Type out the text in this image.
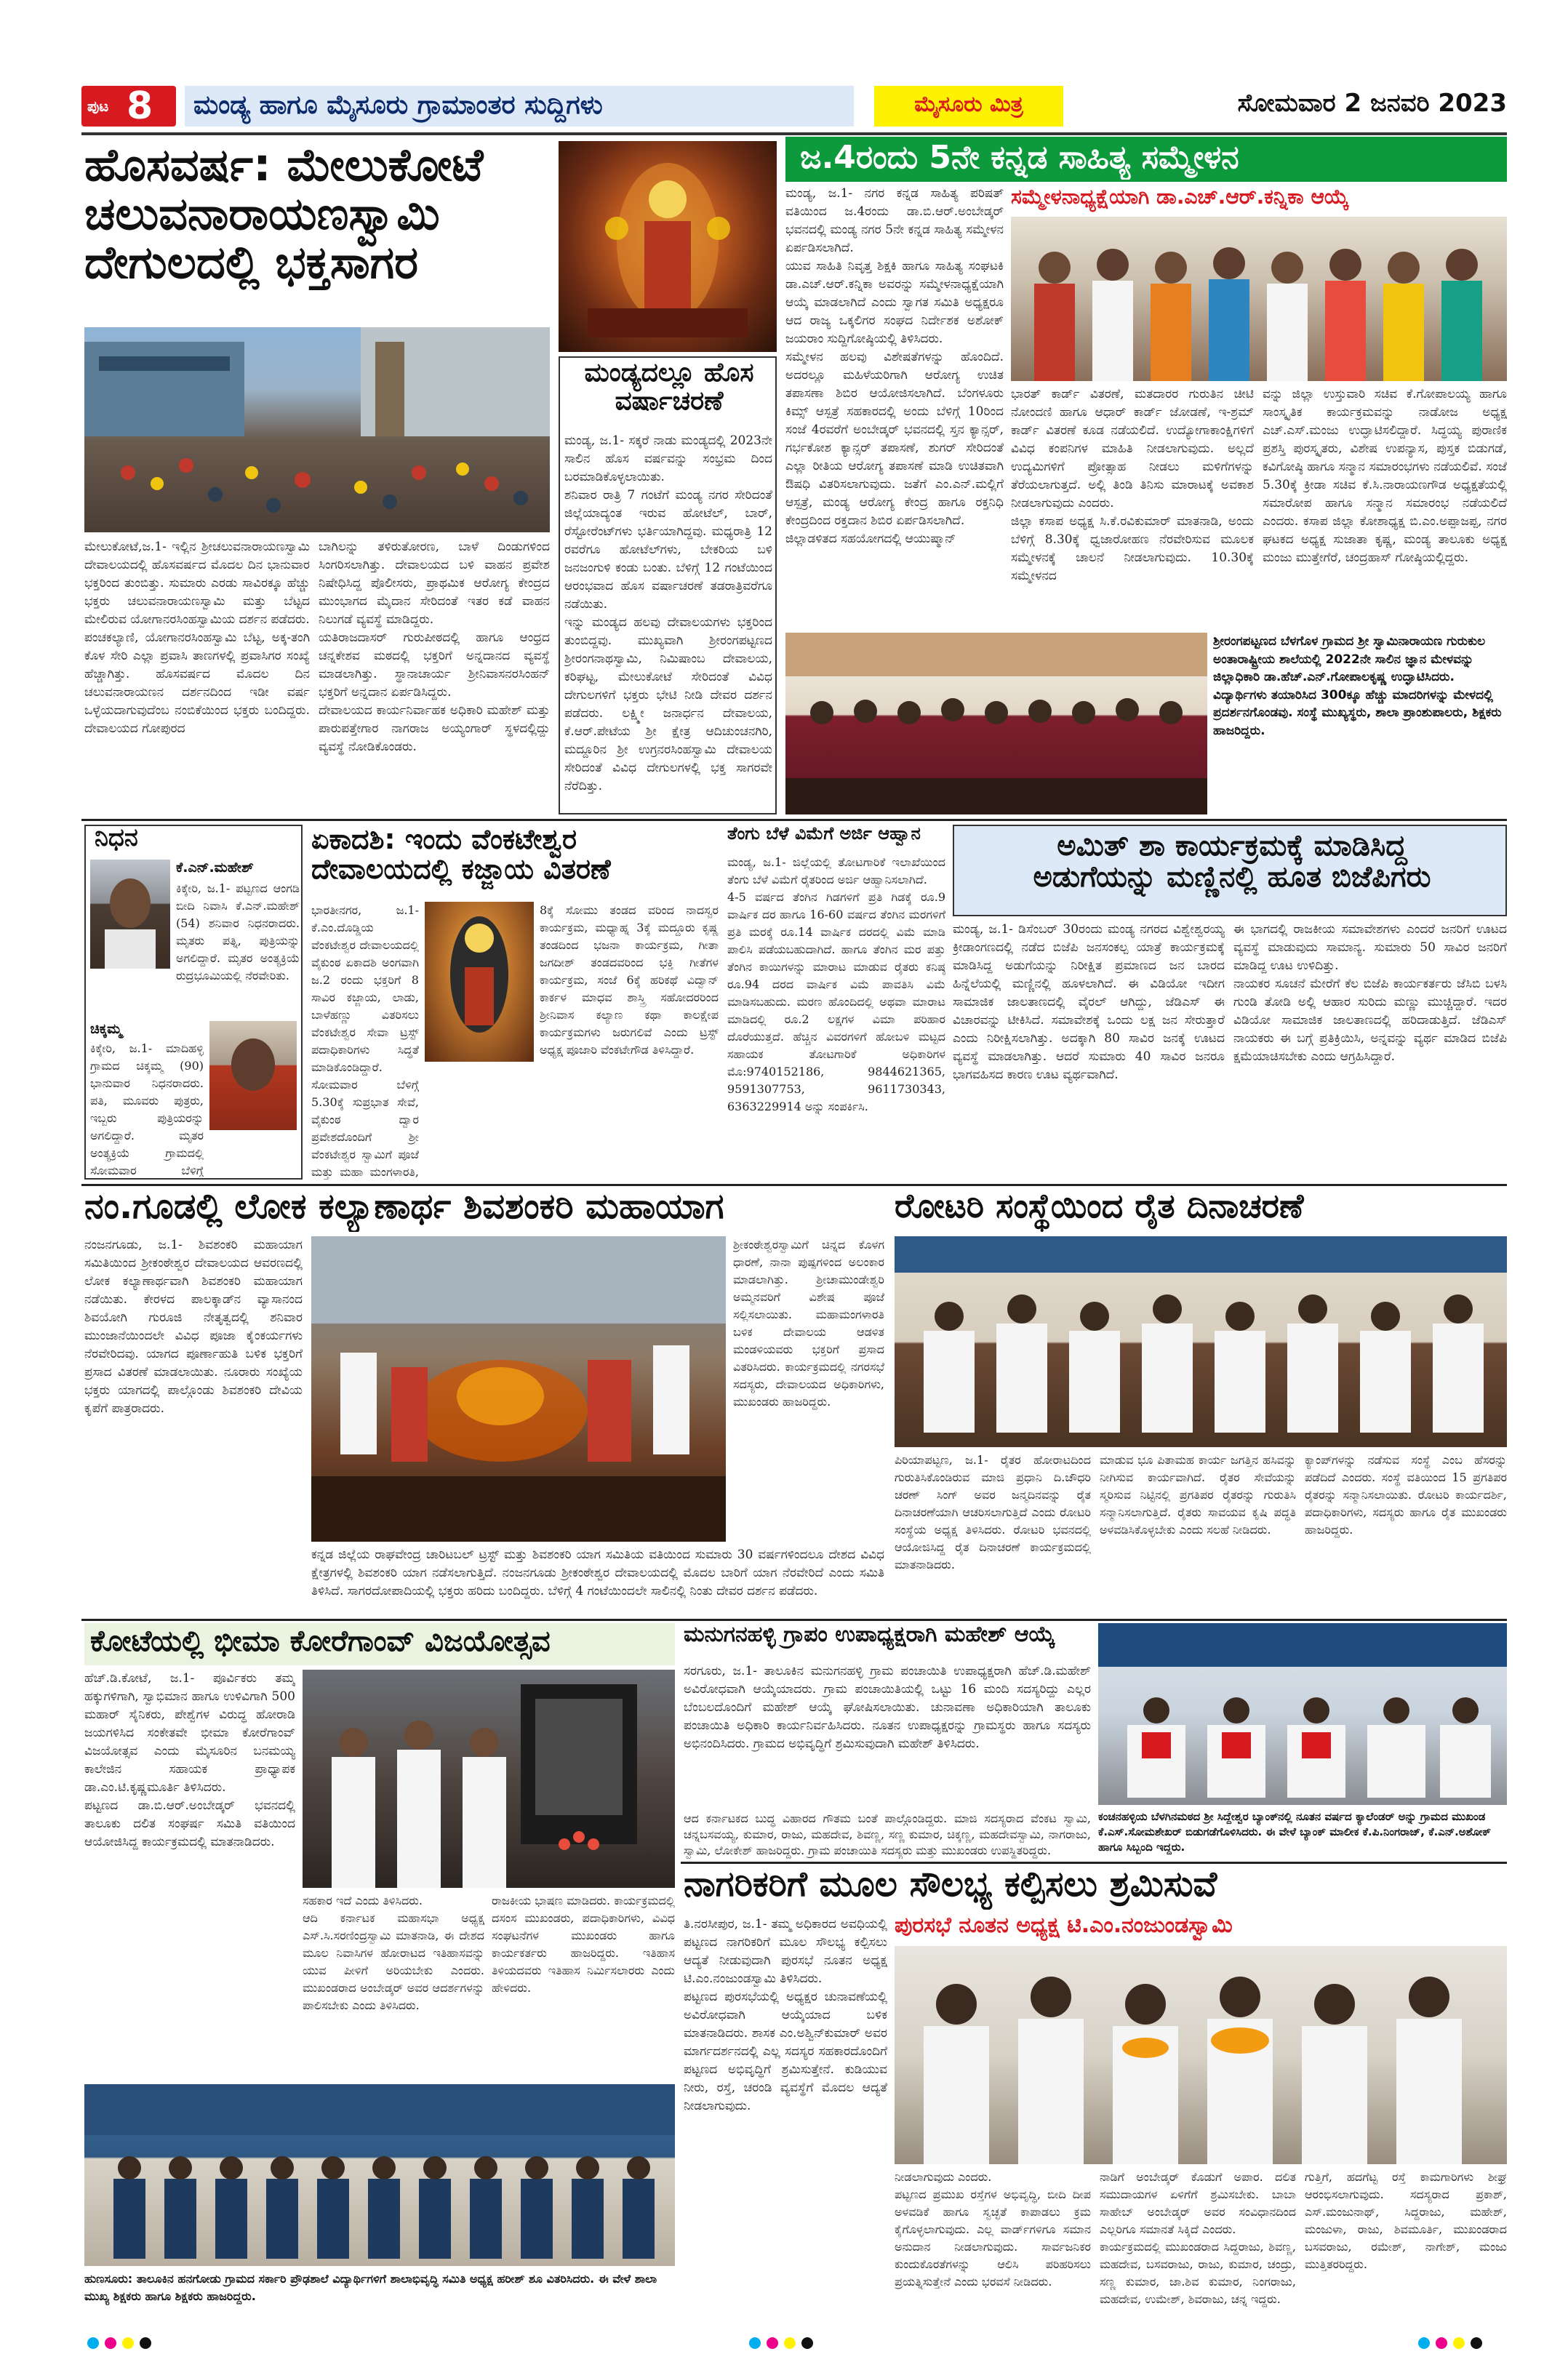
ಪುಟ 8	ಮಂಡ್ಯ ಹಾಗೂ ಮೈಸೂರು ಗ್ರಾಮಾಂತರ ಸುದ್ದಿಗಳು	ಮೈಸೂರು ಮಿತ್ರ	ಸೋಮವಾರ 2 ಜನವರಿ 2023
ಹೊಸವರ್ಷ: ಮೇಲುಕೋಟೆ
ಚಲುವನಾರಾಯಣಸ್ವಾಮಿ
ದೇಗುಲದಲ್ಲಿ ಭಕ್ತಸಾಗರ
ಮೇಲುಕೋಟೆ,ಜ.1- ಇಲ್ಲಿನ ಶ್ರೀಚಲುವನಾರಾಯಣಸ್ವಾಮಿ ದೇವಾಲಯದಲ್ಲಿ ಹೊಸವರ್ಷದ ಮೊದಲ ದಿನ ಭಾನುವಾರ ಭಕ್ತರಿಂದ ತುಂಬಿತ್ತು. ಸುಮಾರು ಎರಡು ಸಾವಿರಕ್ಕೂ ಹೆಚ್ಚು ಭಕ್ತರು ಚಲುವನಾರಾಯಣಸ್ವಾಮಿ ಮತ್ತು ಬೆಟ್ಟದ ಮೇಲಿರುವ ಯೋಗಾನರಸಿಂಹಸ್ವಾಮಿಯ ದರ್ಶನ ಪಡೆದರು.
ಪಂಚಕಲ್ಯಾಣಿ, ಯೋಗಾನರಸಿಂಹಸ್ವಾಮಿ ಬೆಟ್ಟ, ಅಕ್ಕ-ತಂಗಿ ಕೊಳ ಸೇರಿ ಎಲ್ಲಾ ಪ್ರವಾಸಿ ತಾಣಗಳಲ್ಲಿ ಪ್ರವಾಸಿಗರ ಸಂಖ್ಯೆ ಹೆಚ್ಚಾಗಿತ್ತು. ಹೊಸವರ್ಷದ ಮೊದಲ ದಿನ ಚಲುವನಾರಾಯಣನ ದರ್ಶನದಿಂದ ಇಡೀ ವರ್ಷ ಒಳ್ಳೆಯದಾಗುವುದೆಂಬ ನಂಬಿಕೆಯಿಂದ ಭಕ್ತರು ಬಂದಿದ್ದರು. ದೇವಾಲಯದ ಗೋಪುರದ
ಬಾಗಿಲನ್ನು ತಳಿರುತೋರಣ, ಬಾಳೆ ದಿಂಡುಗಳಿಂದ ಸಿಂಗರಿಸಲಾಗಿತ್ತು. ದೇವಾಲಯದ ಬಳಿ ವಾಹನ ಪ್ರವೇಶ ನಿಷೇಧಿಸಿದ್ದ ಪೊಲೀಸರು, ಪ್ರಾಥಮಿಕ ಆರೋಗ್ಯ ಕೇಂದ್ರದ ಮುಂಭಾಗದ ಮೈದಾನ ಸೇರಿದಂತೆ ಇತರ ಕಡೆ ವಾಹನ ನಿಲುಗಡೆ ವ್ಯವಸ್ಥೆ ಮಾಡಿದ್ದರು.
ಯತಿರಾಜದಾಸರ್ ಗುರುಪೀಠದಲ್ಲಿ ಹಾಗೂ ಆಂಧ್ರದ ಚನ್ನಕೇಶವ ಮಠದಲ್ಲಿ ಭಕ್ತರಿಗೆ ಅನ್ನದಾನದ ವ್ಯವಸ್ಥೆ ಮಾಡಲಾಗಿತ್ತು. ಸ್ಥಾನಾಚಾರ್ಯ ಶ್ರೀನಿವಾಸನರಸಿಂಹನ್ ಭಕ್ತರಿಗೆ ಅನ್ನದಾನ ಏರ್ಪಡಿಸಿದ್ದರು.
ದೇವಾಲಯದ ಕಾರ್ಯನಿರ್ವಾಹಕ ಅಧಿಕಾರಿ ಮಹೇಶ್ ಮತ್ತು ಪಾರುಪತ್ತೇಗಾರ ನಾಗರಾಜ ಅಯ್ಯಂಗಾರ್ ಸ್ಥಳದಲ್ಲಿದ್ದು ವ್ಯವಸ್ಥೆ ನೋಡಿಕೊಂಡರು.
ಮಂಡ್ಯದಲ್ಲೂ ಹೊಸ
ವರ್ಷಾಚರಣೆ
ಮಂಡ್ಯ, ಜ.1- ಸಕ್ಕರೆ ನಾಡು ಮಂಡ್ಯದಲ್ಲಿ 2023ನೇ ಸಾಲಿನ ಹೊಸ ವರ್ಷವನ್ನು ಸಂಭ್ರಮ ದಿಂದ ಬರಮಾಡಿಕೊಳ್ಳಲಾಯಿತು.
ಶನಿವಾರ ರಾತ್ರಿ 7 ಗಂಟೆಗೆ ಮಂಡ್ಯ ನಗರ ಸೇರಿದಂತೆ ಜಿಲ್ಲೆಯಾದ್ಯಂತ ಇರುವ ಹೋಟೆಲ್, ಬಾರ್, ರೆಸ್ಟೋರೆಂಟ್‍ಗಳು ಭರ್ತಿಯಾಗಿದ್ದವು. ಮಧ್ಯರಾತ್ರಿ 12 ರವರೆಗೂ ಹೋಟೆಲ್‍ಗಳು, ಬೇಕರಿಯ ಬಳಿ ಜನಜಂಗುಳಿ ಕಂಡು ಬಂತು. ಬೆಳಿಗ್ಗೆ 12 ಗಂಟೆಯಿಂದ ಆರಂಭವಾದ ಹೊಸ ವರ್ಷಾಚರಣೆ ತಡರಾತ್ರಿವರೆಗೂ ನಡೆಯಿತು.
ಇನ್ನು ಮಂಡ್ಯದ ಹಲವು ದೇವಾಲಯಗಳು ಭಕ್ತರಿಂದ ತುಂಬಿದ್ದವು. ಮುಖ್ಯವಾಗಿ ಶ್ರೀರಂಗಪಟ್ಟಣದ ಶ್ರೀರಂಗನಾಥಸ್ವಾಮಿ, ನಿಮಿಷಾಂಬ ದೇವಾಲಯ, ಕರಿಘಟ್ಟ, ಮೇಲುಕೋಟೆ ಸೇರಿದಂತೆ ವಿವಿಧ ದೇಗುಲಗಳಿಗೆ ಭಕ್ತರು ಭೇಟಿ ನೀಡಿ ದೇವರ ದರ್ಶನ ಪಡೆದರು. ಲಕ್ಷ್ಮೀ ಜನಾರ್ಧನ ದೇವಾಲಯ, ಕೆ.ಆರ್.ಪೇಟೆಯ ಶ್ರೀ ಕ್ಷೇತ್ರ ಆದಿಚುಂಚನಗಿರಿ, ಮದ್ದೂರಿನ ಶ್ರೀ ಉಗ್ರನರಸಿಂಹಸ್ವಾಮಿ ದೇವಾಲಯ ಸೇರಿದಂತೆ ವಿವಿಧ ದೇಗುಲಗಳಲ್ಲಿ ಭಕ್ತ ಸಾಗರವೇ ನೆರೆದಿತ್ತು.
ಜ.4ರಂದು 5ನೇ ಕನ್ನಡ ಸಾಹಿತ್ಯ ಸಮ್ಮೇಳನ
ಸಮ್ಮೇಳನಾಧ್ಯಕ್ಷೆಯಾಗಿ ಡಾ.ಎಚ್.ಆರ್.ಕನ್ನಿಕಾ ಆಯ್ಕೆ
ಮಂಡ್ಯ, ಜ.1- ನಗರ ಕನ್ನಡ ಸಾಹಿತ್ಯ ಪರಿಷತ್ ವತಿಯಿಂದ ಜ.4ರಂದು ಡಾ.ಬಿ.ಆರ್.ಅಂಬೇಡ್ಕರ್ ಭವನದಲ್ಲಿ ಮಂಡ್ಯ ನಗರ 5ನೇ ಕನ್ನಡ ಸಾಹಿತ್ಯ ಸಮ್ಮೇಳನ ಏರ್ಪಡಿಸಲಾಗಿದೆ.
ಯುವ ಸಾಹಿತಿ ನಿವೃತ್ತ ಶಿಕ್ಷಕಿ ಹಾಗೂ ಸಾಹಿತ್ಯ ಸಂಘಟಕಿ ಡಾ.ಎಚ್.ಆರ್.ಕನ್ನಿಕಾ ಅವರನ್ನು ಸಮ್ಮೇಳನಾಧ್ಯಕ್ಷೆಯಾಗಿ ಆಯ್ಕೆ ಮಾಡಲಾಗಿದೆ ಎಂದು ಸ್ವಾಗತ ಸಮಿತಿ ಅಧ್ಯಕ್ಷರೂ ಆದ ರಾಜ್ಯ ಒಕ್ಕಲಿಗರ ಸಂಘದ ನಿರ್ದೇಶಕ ಅಶೋಕ್ ಜಯರಾಂ ಸುದ್ದಿಗೋಷ್ಠಿಯಲ್ಲಿ ತಿಳಿಸಿದರು.
ಸಮ್ಮೇಳನ ಹಲವು ವಿಶೇಷತೆಗಳನ್ನು ಹೊಂದಿದೆ. ಅದರಲ್ಲೂ ಮಹಿಳೆಯರಿಗಾಗಿ ಆರೋಗ್ಯ ಉಚಿತ ತಪಾಸಣಾ ಶಿಬಿರ ಆಯೋಜಿಸಲಾಗಿದೆ. ಬೆಂಗಳೂರು ಕಿಮ್ಸ್ ಆಸ್ಪತ್ರೆ ಸಹಕಾರದಲ್ಲಿ ಅಂದು ಬೆಳಿಗ್ಗೆ 10ರಿಂದ ಸಂಜೆ 4ರವರೆಗೆ ಅಂಬೇಡ್ಕರ್ ಭವನದಲ್ಲಿ ಸ್ತನ ಕ್ಯಾನ್ಸರ್, ಗರ್ಭಕೋಶ ಕ್ಯಾನ್ಸರ್ ತಪಾಸಣೆ, ಶುಗರ್ ಸೇರಿದಂತೆ ಎಲ್ಲಾ ರೀತಿಯ ಆರೋಗ್ಯ ತಪಾಸಣೆ ಮಾಡಿ ಉಚಿತವಾಗಿ ಔಷಧಿ ವಿತರಿಸಲಾಗುವುದು. ಜತೆಗೆ ಎಂ.ಎನ್.ಮಲ್ಲಿಗೆ ಆಸ್ಪತ್ರೆ, ಮಂಡ್ಯ ಆರೋಗ್ಯ ಕೇಂದ್ರ ಹಾಗೂ ರಕ್ತನಿಧಿ ಕೇಂದ್ರದಿಂದ ರಕ್ತದಾನ ಶಿಬಿರ ಏರ್ಪಡಿಸಲಾಗಿದೆ.
ಜಿಲ್ಲಾಡಳಿತದ ಸಹಯೋಗದಲ್ಲಿ ಆಯುಷ್ಮಾನ್
ಭಾರತ್ ಕಾರ್ಡ್ ವಿತರಣೆ, ಮತದಾರರ ಗುರುತಿನ ಚೀಟಿ ನೋಂದಣಿ ಹಾಗೂ ಆಧಾರ್ ಕಾರ್ಡ್ ಜೋಡಣೆ, ಇ-ಶ್ರಮ್ ಕಾರ್ಡ್ ವಿತರಣೆ ಕೂಡ ನಡೆಯಲಿದೆ. ಉದ್ಯೋಗಾಕಾಂಕ್ಷಿಗಳಿಗೆ ವಿವಿಧ ಕಂಪನಿಗಳ ಮಾಹಿತಿ ನೀಡಲಾಗುವುದು. ಅಲ್ಲದೆ ಉದ್ಯಮಿಗಳಿಗೆ ಪ್ರೋತ್ಸಾಹ ನೀಡಲು ಮಳಿಗೆಗಳನ್ನು ತೆರೆಯಲಾಗುತ್ತದೆ. ಅಲ್ಲಿ ತಿಂಡಿ ತಿನಿಸು ಮಾರಾಟಕ್ಕೆ ಅವಕಾಶ ನೀಡಲಾಗುವುದು ಎಂದರು.
ಜಿಲ್ಲಾ ಕಸಾಪ ಅಧ್ಯಕ್ಷ ಸಿ.ಕೆ.ರವಿಕುಮಾರ್ ಮಾತನಾಡಿ, ಅಂದು ಬೆಳಿಗ್ಗೆ 8.30ಕ್ಕೆ ಧ್ವಜಾರೋಹಣ ನೆರವೇರಿಸುವ ಮೂಲಕ ಸಮ್ಮೇಳನಕ್ಕೆ ಚಾಲನೆ ನೀಡಲಾಗುವುದು. 10.30ಕ್ಕೆ ಸಮ್ಮೇಳನದ
ವನ್ನು ಜಿಲ್ಲಾ ಉಸ್ತುವಾರಿ ಸಚಿವ ಕೆ.ಗೋಪಾಲಯ್ಯ ಹಾಗೂ ಸಾಂಸ್ಕೃತಿಕ ಕಾರ್ಯಕ್ರಮವನ್ನು ನಾಡೋಜ ಅಧ್ಯಕ್ಷ ಎಚ್.ಎಸ್.ಮಂಜು ಉದ್ಘಾಟಿಸಲಿದ್ದಾರೆ. ಸಿದ್ಧಯ್ಯ ಪುರಾಣಿಕ ಪ್ರಶಸ್ತಿ ಪುರಸ್ಕೃತರು, ವಿಶೇಷ ಉಪನ್ಯಾಸ, ಪುಸ್ತಕ ಬಿಡುಗಡೆ, ಕವಿಗೋಷ್ಠಿ ಹಾಗೂ ಸನ್ಮಾನ ಸಮಾರಂಭಗಳು ನಡೆಯಲಿವೆ. ಸಂಜೆ 5.30ಕ್ಕೆ ಕ್ರೀಡಾ ಸಚಿವ ಕೆ.ಸಿ.ನಾರಾಯಣಗೌಡ ಅಧ್ಯಕ್ಷತೆಯಲ್ಲಿ ಸಮಾರೋಪ ಹಾಗೂ ಸನ್ಮಾನ ಸಮಾರಂಭ ನಡೆಯಲಿದೆ ಎಂದರು. ಕಸಾಪ ಜಿಲ್ಲಾ ಕೋಶಾಧ್ಯಕ್ಷ ಬಿ.ಎಂ.ಅಪ್ಪಾಜಪ್ಪ, ನಗರ ಘಟಕದ ಅಧ್ಯಕ್ಷ ಸುಜಾತಾ ಕೃಷ್ಣ, ಮಂಡ್ಯ ತಾಲೂಕು ಅಧ್ಯಕ್ಷ ಮಂಜು ಮುತ್ತೇಗೆರೆ, ಚಂದ್ರಹಾಸ್ ಗೋಷ್ಠಿಯಲ್ಲಿದ್ದರು.
ಶ್ರೀರಂಗಪಟ್ಟಣದ ಬೆಳಗೊಳ ಗ್ರಾಮದ ಶ್ರೀ ಸ್ವಾಮಿನಾರಾಯಣ ಗುರುಕುಲ ಅಂತಾರಾಷ್ಟ್ರೀಯ ಶಾಲೆಯಲ್ಲಿ 2022ನೇ ಸಾಲಿನ ಜ್ಞಾನ ಮೇಳವನ್ನು ಜಿಲ್ಲಾಧಿಕಾರಿ ಡಾ.ಹೆಚ್.ಎನ್.ಗೋಪಾಲಕೃಷ್ಣ ಉದ್ಘಾಟಿಸಿದರು. ವಿದ್ಯಾರ್ಥಿಗಳು ತಯಾರಿಸಿದ 300ಕ್ಕೂ ಹೆಚ್ಚು ಮಾದರಿಗಳನ್ನು ಮೇಳದಲ್ಲಿ ಪ್ರದರ್ಶನಗೊಂಡವು. ಸಂಸ್ಥೆ ಮುಖ್ಯಸ್ಥರು, ಶಾಲಾ ಪ್ರಾಂಶುಪಾಲರು, ಶಿಕ್ಷಕರು ಹಾಜರಿದ್ದರು.
ನಿಧನ
ಕೆ.ಎನ್.ಮಹೇಶ್
ಕಿಕ್ಕೇರಿ, ಜ.1- ಪಟ್ಟಣದ ಆಂಗಡಿ ಬೀದಿ ನಿವಾಸಿ ಕೆ.ಎನ್.ಮಹೇಶ್ (54) ಶನಿವಾರ ನಿಧನರಾದರು. ಮೃತರು ಪತ್ನಿ, ಪುತ್ರಿಯನ್ನು ಅಗಲಿದ್ದಾರೆ. ಮೃತರ ಅಂತ್ಯಕ್ರಿಯೆ ರುದ್ರಭೂಮಿಯಲ್ಲಿ ನೆರವೇರಿತು.
ಚಿಕ್ಕಮ್ಮ
ಕಿಕ್ಕೇರಿ, ಜ.1- ಮಾದಿಹಳ್ಳಿ ಗ್ರಾಮದ ಚಿಕ್ಕಮ್ಮ (90) ಭಾನುವಾರ ನಿಧನರಾದರು. ಪತಿ, ಮೂವರು ಪುತ್ರರು, ಇಬ್ಬರು ಪುತ್ರಿಯರನ್ನು ಅಗಲಿದ್ದಾರೆ. ಮೃತರ ಅಂತ್ಯಕ್ರಿಯೆ ಗ್ರಾಮದಲ್ಲಿ ಸೋಮವಾರ ಬೆಳಿಗ್ಗೆ
ಏಕಾದಶಿ: ಇಂದು ವೆಂಕಟೇಶ್ವರ
ದೇವಾಲಯದಲ್ಲಿ ಕಜ್ಜಾಯ ವಿತರಣೆ
ಭಾರತೀನಗರ, ಜ.1- ಕೆ.ಎಂ.ದೊಡ್ಡಿಯ ವೆಂಕಟೇಶ್ವರ ದೇವಾಲಯದಲ್ಲಿ ವೈಕುಂಠ ಏಕಾದಶಿ ಅಂಗವಾಗಿ ಜ.2 ರಂದು ಭಕ್ತರಿಗೆ 8 ಸಾವಿರ ಕಜ್ಜಾಯ, ಲಾಡು, ಬಾಳೆಹಣ್ಣು ವಿತರಿಸಲು ವೆಂಕಟೇಶ್ವರ ಸೇವಾ ಟ್ರಸ್ಟ್ ಪದಾಧಿಕಾರಿಗಳು ಸಿದ್ಧತೆ ಮಾಡಿಕೊಂಡಿದ್ದಾರೆ. ಸೋಮವಾರ ಬೆಳಿಗ್ಗೆ 5.30ಕ್ಕೆ ಸುಪ್ರಭಾತ ಸೇವೆ, ವೈಕುಂಠ ದ್ವಾರ ಪ್ರವೇಶದೊಂದಿಗೆ ಶ್ರೀ ವೆಂಕಟೇಶ್ವರ ಸ್ವಾಮಿಗೆ ಪೂಜೆ ಮತ್ತು ಮಹಾ ಮಂಗಳಾರತಿ,
8ಕ್ಕೆ ಸೋಮು ತಂಡದ ವರಿಂದ ನಾದಸ್ವರ ಕಾರ್ಯಕ್ರಮ, ಮಧ್ಯಾಹ್ನ 3ಕ್ಕೆ ಮದ್ದೂರು ಕೃಷ್ಣ ತಂಡದಿಂದ ಭಜನಾ ಕಾರ್ಯಕ್ರಮ, ಗೀತಾ ಜಗದೀಶ್ ತಂಡದವರಿಂದ ಭಕ್ತಿ ಗೀತೆಗಳ ಕಾರ್ಯಕ್ರಮ, ಸಂಜೆ 6ಕ್ಕೆ ಹರಿಕಥೆ ವಿದ್ವಾನ್ ಕಾರ್ಕಳ ಮಾಧವ ಶಾಸ್ತ್ರಿ ಸಹೋದರರಿಂದ ಶ್ರೀನಿವಾಸ ಕಲ್ಯಾಣ ಕಥಾ ಕಾಲಕ್ಷೇಪ ಕಾರ್ಯಕ್ರಮಗಳು ಜರುಗಲಿವೆ ಎಂದು ಟ್ರಸ್ಟ್ ಅಧ್ಯಕ್ಷ ಪೂಜಾರಿ ವೆಂಕಟೇಗೌಡ ತಿಳಿಸಿದ್ದಾರೆ.
ತೆಂಗು ಬೆಳೆ ವಿಮೆಗೆ ಅರ್ಜಿ ಆಹ್ವಾನ
ಮಂಡ್ಯ, ಜ.1- ಜಿಲ್ಲೆಯಲ್ಲಿ ತೋಟಗಾರಿಕೆ ಇಲಾಖೆಯಿಂದ ತೆಂಗು ಬೆಳೆ ವಿಮೆಗೆ ರೈತರಿಂದ ಅರ್ಜಿ ಆಹ್ವಾನಿಸಲಾಗಿದೆ.
4-5 ವರ್ಷದ ತೆಂಗಿನ ಗಿಡಗಳಿಗೆ ಪ್ರತಿ ಗಿಡಕ್ಕೆ ರೂ.9 ವಾರ್ಷಿಕ ದರ ಹಾಗೂ 16-60 ವರ್ಷದ ತೆಂಗಿನ ಮರಗಳಿಗೆ ಪ್ರತಿ ಮರಕ್ಕೆ ರೂ.14 ವಾರ್ಷಿಕ ದರದಲ್ಲಿ ವಿಮೆ ಮಾಡಿ ಪಾಲಿಸಿ ಪಡೆಯಬಹುದಾಗಿದೆ. ಹಾಗೂ ತೆಂಗಿನ ಮರ ಪತ್ತು ತೆಂಗಿನ ಕಾಯಿಗಳನ್ನು ಮಾರಾಟ ಮಾಡುವ ರೈತರು ಕನಿಷ್ಠ ರೂ.94 ದರದ ವಾರ್ಷಿಕ ವಿಮೆ ಪಾವತಿಸಿ ವಿಮೆ ಮಾಡಿಸಬಹುದು. ಮರಣ ಹೊಂದಿದಲ್ಲಿ ಅಥವಾ ಮಾರಾಟ ಮಾಡಿದಲ್ಲಿ ರೂ.2 ಲಕ್ಷಗಳ ವಿಮಾ ಪರಿಹಾರ ದೊರೆಯುತ್ತದೆ. ಹೆಚ್ಚಿನ ವಿವರಗಳಿಗೆ ಹೋಬಳಿ ಮಟ್ಟದ ಸಹಾಯಕ ತೋಟಗಾರಿಕೆ ಅಧಿಕಾರಿಗಳ ಮೊ:9740152186, 9844621365, 9591307753, 9611730343, 6363229914 ಅನ್ನು ಸಂಪರ್ಕಿಸಿ.
ಅಮಿತ್ ಶಾ ಕಾರ್ಯಕ್ರಮಕ್ಕೆ ಮಾಡಿಸಿದ್ದ
ಅಡುಗೆಯನ್ನು ಮಣ್ಣಿನಲ್ಲಿ ಹೂತ ಬಿಜೆಪಿಗರು
ಮಂಡ್ಯ, ಜ.1- ಡಿಸೆಂಬರ್ 30ರಂದು ಮಂಡ್ಯ ನಗರದ ವಿಶ್ವೇಶ್ವರಯ್ಯ ಕ್ರೀಡಾಂಗಣದಲ್ಲಿ ನಡೆದ ಬಿಜೆಪಿ ಜನಸಂಕಲ್ಪ ಯಾತ್ರೆ ಕಾರ್ಯಕ್ರಮಕ್ಕೆ ಮಾಡಿಸಿದ್ದ ಅಡುಗೆಯನ್ನು ನಿರೀಕ್ಷಿತ ಪ್ರಮಾಣದ ಜನ ಬಾರದ ಹಿನ್ನೆಲೆಯಲ್ಲಿ ಮಣ್ಣಿನಲ್ಲಿ ಹೂಳಲಾಗಿದೆ. ಈ ವಿಡಿಯೋ ಇದೀಗ ಸಾಮಾಜಿಕ ಜಾಲತಾಣದಲ್ಲಿ ವೈರಲ್ ಆಗಿದ್ದು, ಜೆಡಿಎಸ್ ಈ ವಿಚಾರವನ್ನು ಟೀಕಿಸಿದೆ. ಸಮಾವೇಶಕ್ಕೆ ಒಂದು ಲಕ್ಷ ಜನ ಸೇರುತ್ತಾರೆ ಎಂದು ನಿರೀಕ್ಷಿಸಲಾಗಿತ್ತು. ಅದಕ್ಕಾಗಿ 80 ಸಾವಿರ ಜನಕ್ಕೆ ಊಟದ ವ್ಯವಸ್ಥೆ ಮಾಡಲಾಗಿತ್ತು. ಆದರೆ ಸುಮಾರು 40 ಸಾವಿರ ಜನರೂ ಭಾಗವಹಿಸದ ಕಾರಣ ಊಟ ವ್ಯರ್ಥವಾಗಿದೆ.
ಈ ಭಾಗದಲ್ಲಿ ರಾಜಕೀಯ ಸಮಾವೇಶಗಳು ಎಂದರೆ ಜನರಿಗೆ ಊಟದ ವ್ಯವಸ್ಥೆ ಮಾಡುವುದು ಸಾಮಾನ್ಯ. ಸುಮಾರು 50 ಸಾವಿರ ಜನರಿಗೆ ಮಾಡಿದ್ದ ಊಟ ಉಳಿದಿತ್ತು.
ನಾಯಕರ ಸೂಚನೆ ಮೇರೆಗೆ ಕೆಲ ಬಿಜೆಪಿ ಕಾರ್ಯಕರ್ತರು ಜೆಸಿಬಿ ಬಳಸಿ ಗುಂಡಿ ತೋಡಿ ಅಲ್ಲಿ ಆಹಾರ ಸುರಿದು ಮಣ್ಣು ಮುಚ್ಚಿದ್ದಾರೆ. ಇದರ ವಿಡಿಯೋ ಸಾಮಾಜಿಕ ಜಾಲತಾಣದಲ್ಲಿ ಹರಿದಾಡುತ್ತಿದೆ. ಜೆಡಿಎಸ್ ನಾಯಕರು ಈ ಬಗ್ಗೆ ಪ್ರತಿಕ್ರಿಯಿಸಿ, ಅನ್ನವನ್ನು ವ್ಯರ್ಥ ಮಾಡಿದ ಬಿಜೆಪಿ ಕ್ಷಮೆಯಾಚಿಸಬೇಕು ಎಂದು ಆಗ್ರಹಿಸಿದ್ದಾರೆ.
ನಂ.ಗೂಡಲ್ಲಿ ಲೋಕ ಕಲ್ಯಾಣಾರ್ಥ ಶಿವಶಂಕರಿ ಮಹಾಯಾಗ
ನಂಜನಗೂಡು, ಜ.1- ಶಿವಶಂಕರಿ ಮಹಾಯಾಗ ಸಮಿತಿಯಿಂದ ಶ್ರೀಕಂಠೇಶ್ವರ ದೇವಾಲಯದ ಆವರಣದಲ್ಲಿ ಲೋಕ ಕಲ್ಯಾಣಾರ್ಥವಾಗಿ ಶಿವಶಂಕರಿ ಮಹಾಯಾಗ ನಡೆಯಿತು. ಕೇರಳದ ಪಾಲಕ್ಕಾಡ್‍ನ ವ್ಯಾಸಾನಂದ ಶಿವಯೋಗಿ ಗುರೂಜಿ ನೇತೃತ್ವದಲ್ಲಿ ಶನಿವಾರ ಮುಂಜಾನೆಯಿಂದಲೇ ವಿವಿಧ ಪೂಜಾ ಕೈಂಕರ್ಯಗಳು ನೆರವೇರಿದವು. ಯಾಗದ ಪೂರ್ಣಾಹುತಿ ಬಳಿಕ ಭಕ್ತರಿಗೆ ಪ್ರಸಾದ ವಿತರಣೆ ಮಾಡಲಾಯಿತು. ನೂರಾರು ಸಂಖ್ಯೆಯ ಭಕ್ತರು ಯಾಗದಲ್ಲಿ ಪಾಲ್ಗೊಂಡು ಶಿವಶಂಕರಿ ದೇವಿಯ ಕೃಪೆಗೆ ಪಾತ್ರರಾದರು.
ಶ್ರೀಕಂಠೇಶ್ವರಸ್ವಾಮಿಗೆ ಚಿನ್ನದ ಕೊಳಗ ಧಾರಣೆ, ನಾನಾ ಪುಷ್ಪಗಳಿಂದ ಅಲಂಕಾರ ಮಾಡಲಾಗಿತ್ತು. ಶ್ರೀಚಾಮುಂಡೇಶ್ವರಿ ಅಮ್ಮನವರಿಗೆ ವಿಶೇಷ ಪೂಜೆ ಸಲ್ಲಿಸಲಾಯಿತು. ಮಹಾಮಂಗಳಾರತಿ ಬಳಿಕ ದೇವಾಲಯ ಆಡಳಿತ ಮಂಡಳಿಯವರು ಭಕ್ತರಿಗೆ ಪ್ರಸಾದ ವಿತರಿಸಿದರು. ಕಾರ್ಯಕ್ರಮದಲ್ಲಿ ನಗರಸಭೆ ಸದಸ್ಯರು, ದೇವಾಲಯದ ಅಧಿಕಾರಿಗಳು, ಮುಖಂಡರು ಹಾಜರಿದ್ದರು.
ಕನ್ನಡ ಜಿಲ್ಲೆಯ ರಾಘವೇಂದ್ರ ಚಾರಿಟಬಲ್ ಟ್ರಸ್ಟ್ ಮತ್ತು ಶಿವಶಂಕರಿ ಯಾಗ ಸಮಿತಿಯ ವತಿಯಿಂದ ಸುಮಾರು 30 ವರ್ಷಗಳಿಂದಲೂ ದೇಶದ ವಿವಿಧ ಕ್ಷೇತ್ರಗಳಲ್ಲಿ ಶಿವಶಂಕರಿ ಯಾಗ ನಡೆಸಲಾಗುತ್ತಿದೆ. ನಂಜನಗೂಡು ಶ್ರೀಕಂಠೇಶ್ವರ ದೇವಾಲಯದಲ್ಲಿ ಮೊದಲ ಬಾರಿಗೆ ಯಾಗ ನೆರವೇರಿದೆ ಎಂದು ಸಮಿತಿ ತಿಳಿಸಿದೆ. ಸಾಗರದೋಪಾದಿಯಲ್ಲಿ ಭಕ್ತರು ಹರಿದು ಬಂದಿದ್ದರು. ಬೆಳಿಗ್ಗೆ 4 ಗಂಟೆಯಿಂದಲೇ ಸಾಲಿನಲ್ಲಿ ನಿಂತು ದೇವರ ದರ್ಶನ ಪಡೆದರು.
ರೋಟರಿ ಸಂಸ್ಥೆಯಿಂದ ರೈತ ದಿನಾಚರಣೆ
ಪಿರಿಯಾಪಟ್ಟಣ, ಜ.1- ರೈತರ ಹೋರಾಟದಿಂದ ಗುರುತಿಸಿಕೊಂಡಿರುವ ಮಾಜಿ ಪ್ರಧಾನಿ ದಿ.ಚೌಧರಿ ಚರಣ್ ಸಿಂಗ್ ಅವರ ಜನ್ಮದಿನವನ್ನು ರೈತ ದಿನಾಚರಣೆಯಾಗಿ ಆಚರಿಸಲಾಗುತ್ತಿದೆ ಎಂದು ರೋಟರಿ ಸಂಸ್ಥೆಯ ಅಧ್ಯಕ್ಷ ತಿಳಿಸಿದರು. ರೋಟರಿ ಭವನದಲ್ಲಿ ಆಯೋಜಿಸಿದ್ದ ರೈತ ದಿನಾಚರಣೆ ಕಾರ್ಯಕ್ರಮದಲ್ಲಿ ಮಾತನಾಡಿದರು.
ಮಾಡುವ ಭೂ ಪಿತಾಮಹ ಕಾರ್ಯ ಜಗತ್ತಿನ ಹಸಿವನ್ನು ನೀಗಿಸುವ ಕಾರ್ಯವಾಗಿದೆ. ರೈತರ ಸೇವೆಯನ್ನು ಸ್ಮರಿಸುವ ನಿಟ್ಟಿನಲ್ಲಿ ಪ್ರಗತಿಪರ ರೈತರನ್ನು ಗುರುತಿಸಿ ಸನ್ಮಾನಿಸಲಾಗುತ್ತಿದೆ. ರೈತರು ಸಾವಯವ ಕೃಷಿ ಪದ್ಧತಿ ಅಳವಡಿಸಿಕೊಳ್ಳಬೇಕು ಎಂದು ಸಲಹೆ ನೀಡಿದರು.
ಕ್ಯಾಂಪ್‍ಗಳನ್ನು ನಡೆಸುವ ಸಂಸ್ಥೆ ಎಂಬ ಹೆಸರನ್ನು ಪಡೆದಿದೆ ಎಂದರು. ಸಂಸ್ಥೆ ವತಿಯಿಂದ 15 ಪ್ರಗತಿಪರ ರೈತರನ್ನು ಸನ್ಮಾನಿಸಲಾಯಿತು. ರೋಟರಿ ಕಾರ್ಯದರ್ಶಿ, ಪದಾಧಿಕಾರಿಗಳು, ಸದಸ್ಯರು ಹಾಗೂ ರೈತ ಮುಖಂಡರು ಹಾಜರಿದ್ದರು.
ಕೋಟೆಯಲ್ಲಿ ಭೀಮಾ ಕೋರೆಗಾಂವ್ ವಿಜಯೋತ್ಸವ
ಹೆಚ್.ಡಿ.ಕೋಟೆ, ಜ.1- ಪೂರ್ವಿಕರು ತಮ್ಮ ಹಕ್ಕುಗಳಿಗಾಗಿ, ಸ್ವಾಭಿಮಾನ ಹಾಗೂ ಉಳಿವಿಗಾಗಿ 500 ಮಹಾರ್ ಸೈನಿಕರು, ಪೇಶ್ವೆಗಳ ವಿರುದ್ಧ ಹೋರಾಡಿ ಜಯಗಳಿಸಿದ ಸಂಕೇತವೇ ಭೀಮಾ ಕೋರೆಗಾಂವ್ ವಿಜಯೋತ್ಸವ ಎಂದು ಮೈಸೂರಿನ ಬನಮಯ್ಯ ಕಾಲೇಜಿನ ಸಹಾಯಕ ಪ್ರಾಧ್ಯಾಪಕ ಡಾ.ಎಂ.ಟಿ.ಕೃಷ್ಣಮೂರ್ತಿ ತಿಳಿಸಿದರು.
ಪಟ್ಟಣದ ಡಾ.ಬಿ.ಆರ್.ಅಂಬೇಡ್ಕರ್ ಭವನದಲ್ಲಿ ತಾಲೂಕು ದಲಿತ ಸಂಘರ್ಷ ಸಮಿತಿ ವತಿಯಿಂದ ಆಯೋಜಿಸಿದ್ದ ಕಾರ್ಯಕ್ರಮದಲ್ಲಿ ಮಾತನಾಡಿದರು.
ಸಹಕಾರ ಇದೆ ಎಂದು ತಿಳಿಸಿದರು.
ಆದಿ ಕರ್ನಾಟಕ ಮಹಾಸಭಾ ಅಧ್ಯಕ್ಷ ಎಸ್.ಸಿ.ಸರಣಿಂದ್ರಸ್ವಾಮಿ ಮಾತನಾಡಿ, ಈ ದೇಶದ ಮೂಲ ನಿವಾಸಿಗಳ ಹೋರಾಟದ ಇತಿಹಾಸವನ್ನು ಯುವ ಪೀಳಿಗೆ ಅರಿಯಬೇಕು ಎಂದರು. ಮುಖಂಡರಾದ ಅಂಬೇಡ್ಕರ್ ಅವರ ಆದರ್ಶಗಳನ್ನು ಪಾಲಿಸಬೇಕು ಎಂದು ತಿಳಿಸಿದರು.
ರಾಜಕೀಯ ಭಾಷಣ ಮಾಡಿದರು. ಕಾರ್ಯಕ್ರಮದಲ್ಲಿ ದಸಂಸ ಮುಖಂಡರು, ಪದಾಧಿಕಾರಿಗಳು, ವಿವಿಧ ಸಂಘಟನೆಗಳ ಮುಖಂಡರು ಹಾಗೂ ಕಾರ್ಯಕರ್ತರು ಹಾಜರಿದ್ದರು. ಇತಿಹಾಸ ತಿಳಿಯದವರು ಇತಿಹಾಸ ನಿರ್ಮಿಸಲಾರರು ಎಂದು ಹೇಳಿದರು.
ಹುಣಸೂರು: ತಾಲೂಕಿನ ಹನಗೋಡು ಗ್ರಾಮದ ಸರ್ಕಾರಿ ಪ್ರೌಢಶಾಲೆ ವಿದ್ಯಾರ್ಥಿಗಳಿಗೆ ಶಾಲಾಭಿವೃದ್ಧಿ ಸಮಿತಿ ಅಧ್ಯಕ್ಷ ಹರೀಶ್ ಶೂ ವಿತರಿಸಿದರು. ಈ ವೇಳೆ ಶಾಲಾ ಮುಖ್ಯ ಶಿಕ್ಷಕರು ಹಾಗೂ ಶಿಕ್ಷಕರು ಹಾಜರಿದ್ದರು.
ಮನುಗನಹಳ್ಳಿ ಗ್ರಾಪಂ ಉಪಾಧ್ಯಕ್ಷರಾಗಿ ಮಹೇಶ್ ಆಯ್ಕೆ
ಸರಗೂರು, ಜ.1- ತಾಲೂಕಿನ ಮನುಗನಹಳ್ಳಿ ಗ್ರಾಮ ಪಂಚಾಯಿತಿ ಉಪಾಧ್ಯಕ್ಷರಾಗಿ ಹೆಚ್.ಡಿ.ಮಹೇಶ್ ಅವಿರೋಧವಾಗಿ ಆಯ್ಕೆಯಾದರು. ಗ್ರಾಮ ಪಂಚಾಯಿತಿಯಲ್ಲಿ ಒಟ್ಟು 16 ಮಂದಿ ಸದಸ್ಯರಿದ್ದು ಎಲ್ಲರ ಬೆಂಬಲದೊಂದಿಗೆ ಮಹೇಶ್ ಆಯ್ಕೆ ಘೋಷಿಸಲಾಯಿತು. ಚುನಾವಣಾ ಅಧಿಕಾರಿಯಾಗಿ ತಾಲೂಕು ಪಂಚಾಯಿತಿ ಅಧಿಕಾರಿ ಕಾರ್ಯನಿರ್ವಹಿಸಿದರು. ನೂತನ ಉಪಾಧ್ಯಕ್ಷರನ್ನು ಗ್ರಾಮಸ್ಥರು ಹಾಗೂ ಸದಸ್ಯರು ಅಭಿನಂದಿಸಿದರು. ಗ್ರಾಮದ ಅಭಿವೃದ್ಧಿಗೆ ಶ್ರಮಿಸುವುದಾಗಿ ಮಹೇಶ್ ತಿಳಿಸಿದರು.
ಕಂಚನಹಳ್ಳಿಯ ಬೆಳಗಿನಮಠದ ಶ್ರೀ ಸಿದ್ದೇಶ್ವರ ಬ್ಯಾಂಕ್‍ನಲ್ಲಿ ನೂತನ ವರ್ಷದ ಕ್ಯಾಲೆಂಡರ್ ಅನ್ನು ಗ್ರಾಮದ ಮುಖಂಡ ಕೆ.ಎಸ್.ಸೋಮಶೇಖರ್ ಬಿಡುಗಡೆಗೊಳಿಸಿದರು. ಈ ವೇಳೆ ಬ್ಯಾಂಕ್ ಮಾಲೀಕ ಕೆ.ಪಿ.ನಿಂಗರಾಜ್, ಕೆ.ಎನ್.ಅಶೋಕ್ ಹಾಗೂ ಸಿಬ್ಬಂದಿ ಇದ್ದರು.
ಆದ ಕರ್ನಾಟಕದ ಬುದ್ಧ ವಿಹಾರದ ಗೌತಮ ಬಂತೆ ಪಾಲ್ಗೊಂಡಿದ್ದರು. ಮಾಜಿ ಸದಸ್ಯರಾದ ವೆಂಕಟ ಸ್ವಾಮಿ, ಚನ್ನಬಸವಯ್ಯ, ಕುಮಾರ, ರಾಜು, ಮಹದೇವ, ಶಿವಣ್ಣ, ಸಣ್ಣ ಕುಮಾರ, ಚಿಕ್ಕಣ್ಣ, ಮಹದೇವಸ್ವಾಮಿ, ನಾಗರಾಜು, ಸ್ವಾಮಿ, ಲೋಕೇಶ್ ಹಾಜರಿದ್ದರು. ಗ್ರಾಮ ಪಂಚಾಯಿತಿ ಸದಸ್ಯರು ಮತ್ತು ಮುಖಂಡರು ಉಪಸ್ಥಿತರಿದ್ದರು.
ನಾಗರಿಕರಿಗೆ ಮೂಲ ಸೌಲಭ್ಯ ಕಲ್ಪಿಸಲು ಶ್ರಮಿಸುವೆ
ಪುರಸಭೆ ನೂತನ ಅಧ್ಯಕ್ಷ ಟಿ.ಎಂ.ನಂಜುಂಡಸ್ವಾಮಿ
ತಿ.ನರಸೀಪುರ, ಜ.1- ತಮ್ಮ ಅಧಿಕಾರದ ಅವಧಿಯಲ್ಲಿ ಪಟ್ಟಣದ ನಾಗರಿಕರಿಗೆ ಮೂಲ ಸೌಲಭ್ಯ ಕಲ್ಪಿಸಲು ಆದ್ಯತೆ ನೀಡುವುದಾಗಿ ಪುರಸಭೆ ನೂತನ ಅಧ್ಯಕ್ಷ ಟಿ.ಎಂ.ನಂಜುಂಡಸ್ವಾಮಿ ತಿಳಿಸಿದರು.
ಪಟ್ಟಣದ ಪುರಸಭೆಯಲ್ಲಿ ಅಧ್ಯಕ್ಷರ ಚುನಾವಣೆಯಲ್ಲಿ ಅವಿರೋಧವಾಗಿ ಆಯ್ಕೆಯಾದ ಬಳಿಕ ಮಾತನಾಡಿದರು. ಶಾಸಕ ಎಂ.ಅಶ್ವಿನ್‍ಕುಮಾರ್ ಅವರ ಮಾರ್ಗದರ್ಶನದಲ್ಲಿ ಎಲ್ಲ ಸದಸ್ಯರ ಸಹಕಾರದೊಂದಿಗೆ ಪಟ್ಟಣದ ಅಭಿವೃದ್ಧಿಗೆ ಶ್ರಮಿಸುತ್ತೇನೆ. ಕುಡಿಯುವ ನೀರು, ರಸ್ತೆ, ಚರಂಡಿ ವ್ಯವಸ್ಥೆಗೆ ಮೊದಲ ಆದ್ಯತೆ ನೀಡಲಾಗುವುದು.
ನೀಡಲಾಗುವುದು ಎಂದರು.
ಪಟ್ಟಣದ ಪ್ರಮುಖ ರಸ್ತೆಗಳ ಅಭಿವೃದ್ಧಿ, ಬೀದಿ ದೀಪ ಅಳವಡಿಕೆ ಹಾಗೂ ಸ್ವಚ್ಛತೆ ಕಾಪಾಡಲು ಕ್ರಮ ಕೈಗೊಳ್ಳಲಾಗುವುದು. ಎಲ್ಲ ವಾರ್ಡ್‍ಗಳಿಗೂ ಸಮಾನ ಅನುದಾನ ನೀಡಲಾಗುವುದು. ಸಾರ್ವಜನಿಕರ ಕುಂದುಕೊರತೆಗಳನ್ನು ಆಲಿಸಿ ಪರಿಹರಿಸಲು ಪ್ರಯತ್ನಿಸುತ್ತೇನೆ ಎಂದು ಭರವಸೆ ನೀಡಿದರು.
ನಾಡಿಗೆ ಅಂಬೇಡ್ಕರ್ ಕೊಡುಗೆ ಅಪಾರ. ದಲಿತ ಸಮುದಾಯಗಳ ಏಳಿಗೆಗೆ ಶ್ರಮಿಸಬೇಕು. ಬಾಬಾ ಸಾಹೇಬ್ ಅಂಬೇಡ್ಕರ್ ಅವರ ಸಂವಿಧಾನದಿಂದ ಎಲ್ಲರಿಗೂ ಸಮಾನತೆ ಸಿಕ್ಕಿದೆ ಎಂದರು.
ಕಾರ್ಯಕ್ರಮದಲ್ಲಿ ಮುಖಂಡರಾದ ಸಿದ್ದರಾಜು, ಶಿವಣ್ಣ, ಮಹದೇವ, ಬಸವರಾಜು, ರಾಜು, ಕುಮಾರ, ಚಂದ್ರು, ಸಣ್ಣ ಕುಮಾರ, ಜಾ.ಶಿವ ಕುಮಾರ, ನಿಂಗರಾಜು, ಮಹದೇವ, ಉಮೇಶ್, ಶಿವರಾಜು, ಚನ್ನ ಇದ್ದರು.
ಗುತ್ತಿಗೆ, ಹದಗೆಟ್ಟ ರಸ್ತೆ ಕಾಮಗಾರಿಗಳು ಶೀಘ್ರ ಆರಂಭಿಸಲಾಗುವುದು. ಸದಸ್ಯರಾದ ಪ್ರಕಾಶ್, ಎಸ್.ಮಂಜುನಾಥ್, ಸಿದ್ದರಾಜು, ಮಹೇಶ್, ಮಂಜುಳಾ, ರಾಜು, ಶಿವಮೂರ್ತಿ, ಮುಖಂಡರಾದ ಬಸವರಾಜು, ರಮೇಶ್, ನಾಗೇಶ್, ಮಂಜು ಮುತ್ತಿತರರಿದ್ದರು.
